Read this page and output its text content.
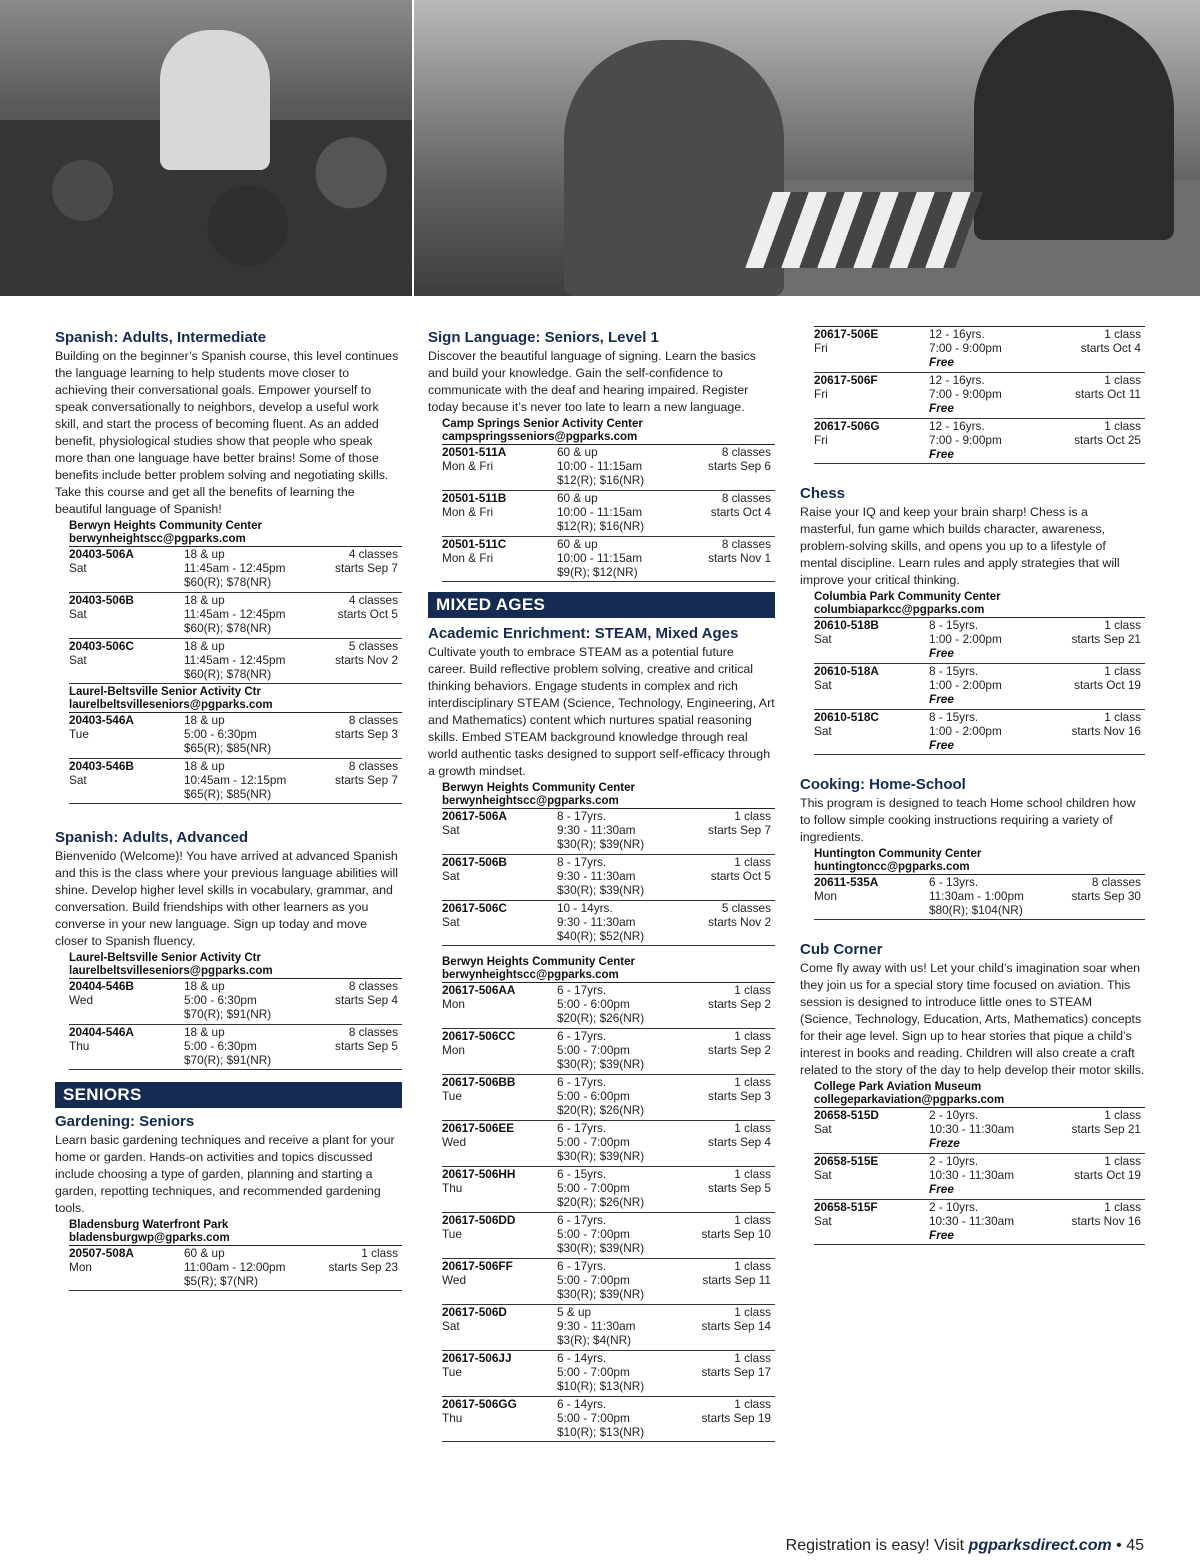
Spanish: Adults, Intermediate
Building on the beginner’s Spanish course, this level continues the language learning to help students move closer to achieving their conversational goals. Empower yourself to speak conversationally to neighbors, develop a useful work skill, and start the process of becoming fluent. As an added benefit, physiological studies show that people who speak more than one language have better brains! Some of those benefits include better problem solving and negotiating skills. Take this course and get all the benefits of learning the beautiful language of Spanish!
Berwyn Heights Community Center
berwynheightscc@pgparks.com
20403-506A
Sat
18 & up
11:45am - 12:45pm
$60(R); $78(NR)
4 classes
starts Sep 7
20403-506B
Sat
18 & up
11:45am - 12:45pm
$60(R); $78(NR)
4 classes
starts Oct 5
20403-506C
Sat
18 & up
11:45am - 12:45pm
$60(R); $78(NR)
5 classes
starts Nov 2
Laurel-Beltsville Senior Activity Ctr
laurelbeltsvilleseniors@pgparks.com
20403-546A
Tue
18 & up
5:00 - 6:30pm
$65(R); $85(NR)
8 classes
starts Sep 3
20403-546B
Sat
18 & up
10:45am - 12:15pm
$65(R); $85(NR)
8 classes
starts Sep 7
Spanish: Adults, Advanced
Bienvenido (Welcome)! You have arrived at advanced Spanish and this is the class where your previous language abilities will shine. Develop higher level skills in vocabulary, grammar, and conversation. Build friendships with other learners as you converse in your new language. Sign up today and move closer to Spanish fluency.
Laurel-Beltsville Senior Activity Ctr
laurelbeltsvilleseniors@pgparks.com
20404-546B
Wed
18 & up
5:00 - 6:30pm
$70(R); $91(NR)
8 classes
starts Sep 4
20404-546A
Thu
18 & up
5:00 - 6:30pm
$70(R); $91(NR)
8 classes
starts Sep 5
SENIORS
Gardening: Seniors
Learn basic gardening techniques and receive a plant for your home or garden. Hands-on activities and topics discussed include choosing a type of garden, planning and starting a garden, repotting techniques, and recommended gardening tools.
Bladensburg Waterfront Park
bladensburgwp@gparks.com
20507-508A
Mon
60 & up
11:00am - 12:00pm
$5(R); $7(NR)
1 class
starts Sep 23
Sign Language: Seniors, Level 1
Discover the beautiful language of signing. Learn the basics and build your knowledge. Gain the self-confidence to communicate with the deaf and hearing impaired. Register today because it’s never too late to learn a new language.
Camp Springs Senior Activity Center
campspringsseniors@pgparks.com
20501-511A
Mon & Fri
60 & up
10:00 - 11:15am
$12(R); $16(NR)
8 classes
starts Sep 6
20501-511B
Mon & Fri
60 & up
10:00 - 11:15am
$12(R); $16(NR)
8 classes
starts Oct 4
20501-511C
Mon & Fri
60 & up
10:00 - 11:15am
$9(R); $12(NR)
8 classes
starts Nov 1
MIXED AGES
Academic Enrichment: STEAM, Mixed Ages
Cultivate youth to embrace STEAM as a potential future career. Build reflective problem solving, creative and critical thinking behaviors. Engage students in complex and rich interdisciplinary STEAM (Science, Technology, Engineering, Art and Mathematics) content which nurtures spatial reasoning skills. Embed STEAM background knowledge through real world authentic tasks designed to support self-efficacy through a growth mindset.
Berwyn Heights Community Center
berwynheightscc@pgparks.com
20617-506A
Sat
8 - 17yrs.
9:30 - 11:30am
$30(R); $39(NR)
1 class
starts Sep 7
20617-506B
Sat
8 - 17yrs.
9:30 - 11:30am
$30(R); $39(NR)
1 class
starts Oct 5
20617-506C
Sat
10 - 14yrs.
9:30 - 11:30am
$40(R); $52(NR)
5 classes
starts Nov 2
Berwyn Heights Community Center
berwynheightscc@pgparks.com
20617-506AA
Mon
6 - 17yrs.
5:00 - 6:00pm
$20(R); $26(NR)
1 class
starts Sep 2
20617-506CC
Mon
6 - 17yrs.
5:00 - 7:00pm
$30(R); $39(NR)
1 class
starts Sep 2
20617-506BB
Tue
6 - 17yrs.
5:00 - 6:00pm
$20(R); $26(NR)
1 class
starts Sep 3
20617-506EE
Wed
6 - 17yrs.
5:00 - 7:00pm
$30(R); $39(NR)
1 class
starts Sep 4
20617-506HH
Thu
6 - 15yrs.
5:00 - 7:00pm
$20(R); $26(NR)
1 class
starts Sep 5
20617-506DD
Tue
6 - 17yrs.
5:00 - 7:00pm
$30(R); $39(NR)
1 class
starts Sep 10
20617-506FF
Wed
6 - 17yrs.
5:00 - 7:00pm
$30(R); $39(NR)
1 class
starts Sep 11
20617-506D
Sat
5 & up
9:30 - 11:30am
$3(R); $4(NR)
1 class
starts Sep 14
20617-506JJ
Tue
6 - 14yrs.
5:00 - 7:00pm
$10(R); $13(NR)
1 class
starts Sep 17
20617-506GG
Thu
6 - 14yrs.
5:00 - 7:00pm
$10(R); $13(NR)
1 class
starts Sep 19
20617-506E
Fri
12 - 16yrs.
7:00 - 9:00pm
Free
1 class
starts Oct 4
20617-506F
Fri
12 - 16yrs.
7:00 - 9:00pm
Free
1 class
starts Oct 11
20617-506G
Fri
12 - 16yrs.
7:00 - 9:00pm
Free
1 class
starts Oct 25
Chess
Raise your IQ and keep your brain sharp! Chess is a masterful, fun game which builds character, awareness, problem-solving skills, and opens you up to a lifestyle of mental discipline. Learn rules and apply strategies that will improve your critical thinking.
Columbia Park Community Center
columbiaparkcc@pgparks.com
20610-518B
Sat
8 - 15yrs.
1:00 - 2:00pm
Free
1 class
starts Sep 21
20610-518A
Sat
8 - 15yrs.
1:00 - 2:00pm
Free
1 class
starts Oct 19
20610-518C
Sat
8 - 15yrs.
1:00 - 2:00pm
Free
1 class
starts Nov 16
Cooking: Home-School
This program is designed to teach Home school children how to follow simple cooking instructions requiring a variety of ingredients.
Huntington Community Center
huntingtoncc@pgparks.com
20611-535A
Mon
6 - 13yrs.
11:30am - 1:00pm
$80(R); $104(NR)
8 classes
starts Sep 30
Cub Corner
Come fly away with us! Let your child’s imagination soar when they join us for a special story time focused on aviation. This session is designed to introduce little ones to STEAM (Science, Technology, Education, Arts, Mathematics) concepts for their age level. Sign up to hear stories that pique a child’s interest in books and reading. Children will also create a craft related to the story of the day to help develop their motor skills.
College Park Aviation Museum
collegeparkaviation@pgparks.com
20658-515D
Sat
2 - 10yrs.
10:30 - 11:30am
Freze
1 class
starts Sep 21
20658-515E
Sat
2 - 10yrs.
10:30 - 11:30am
Free
1 class
starts Oct 19
20658-515F
Sat
2 - 10yrs.
10:30 - 11:30am
Free
1 class
starts Nov 16
Registration is easy! Visit pgparksdirect.com • 45
